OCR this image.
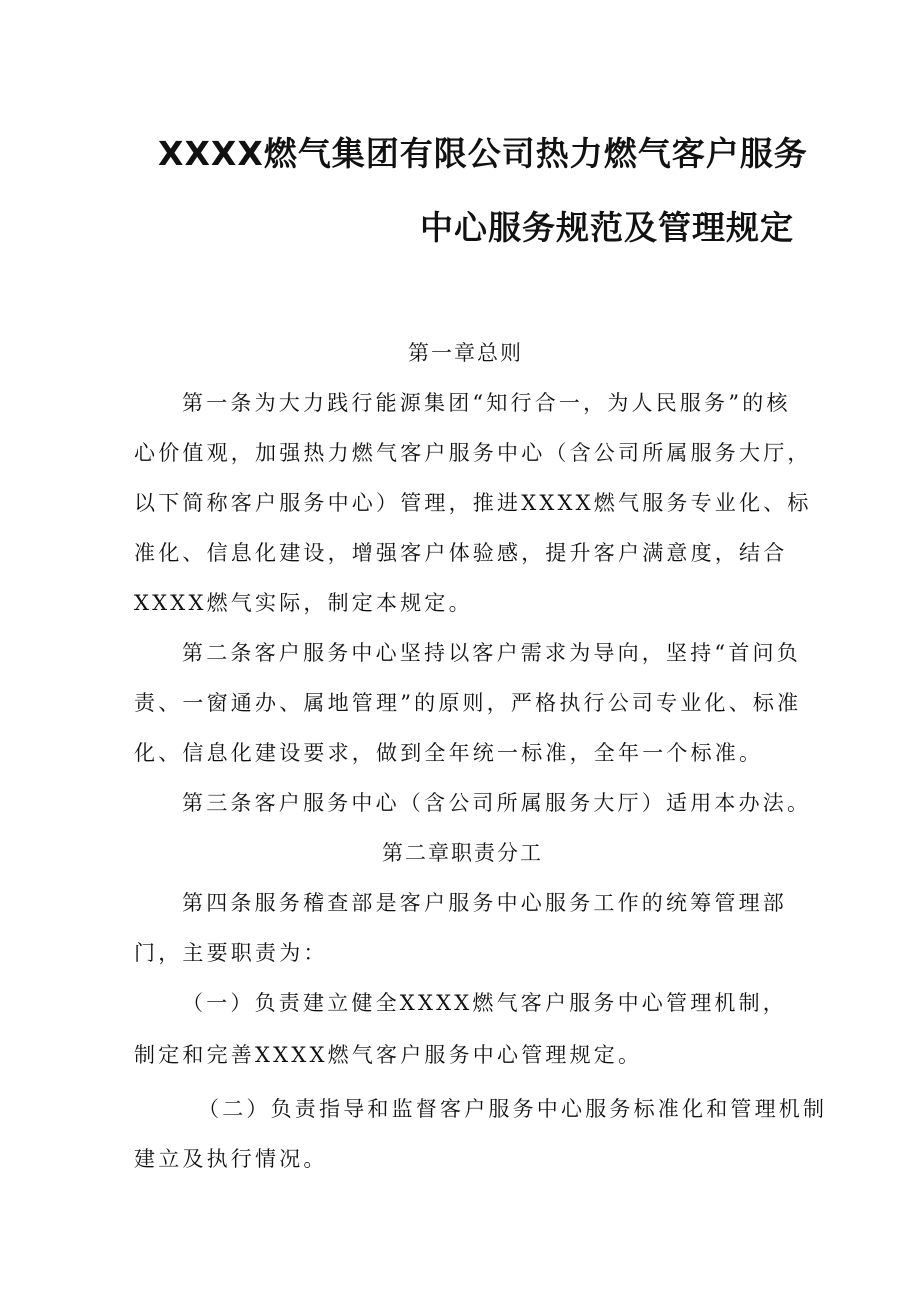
XXXX燃气集团有限公司热力燃气客户服务
中心服务规范及管理规定
第一章总则
第一条为大力践行能源集团“知行合一，为人民服务”的核
心价值观，加强热力燃气客户服务中心（含公司所属服务大厅，
以下简称客户服务中心）管理，推进XXXX燃气服务专业化、标
准化、信息化建设，增强客户体验感，提升客户满意度，结合
XXXX燃气实际，制定本规定。
第二条客户服务中心坚持以客户需求为导向，坚持“首问负
责、一窗通办、属地管理”的原则，严格执行公司专业化、标准
化、信息化建设要求，做到全年统一标准，全年一个标准。
第三条客户服务中心（含公司所属服务大厅）适用本办法。
第二章职责分工
第四条服务稽查部是客户服务中心服务工作的统筹管理部
门，主要职责为：
（一）负责建立健全XXXX燃气客户服务中心管理机制，
制定和完善XXXX燃气客户服务中心管理规定。
（二）负责指导和监督客户服务中心服务标准化和管理机制
建立及执行情况。
